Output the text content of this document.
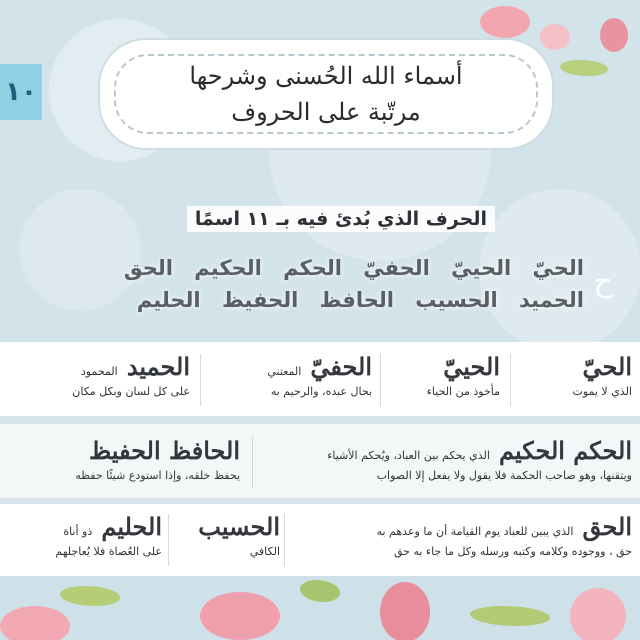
١٠
أسماء الله الحُسنى وشرحها
مرتّبة على الحروف
الحرف الذي بُدئ فيه بـ ١١ اسمًا
ح
الحيّ الحييّ الحفيّ الحكم الحكيم الحق
الحميد الحسيب الحافظ الحفيظ الحليم
الحيّ
الذي لا يموت
الحييّ
مأخوذ من الحياء
الحفيّ المعتني
بحال عبده، والرحيم به
الحميد المحمود
على كل لسان وبكل مكان
الحكم الحكيم الذي يحكم بين العباد، ويُحكم الأشياء
ويتقنها، وهو صاحب الحكمة فلا يقول ولا يفعل إلا الصواب
الحافظ الحفيظ
يحفظ خلقه، وإذا استودع شيئًا حفظه
الحق الذي يبين للعباد يوم القيامة أن ما وعدهم به
حق ، ووجوده وكلامه وكتبه ورسله وكل ما جاء به حق
الحسيب
الكافي
الحليم ذو أناة
على العُصاة فلا يُعاجلهم
